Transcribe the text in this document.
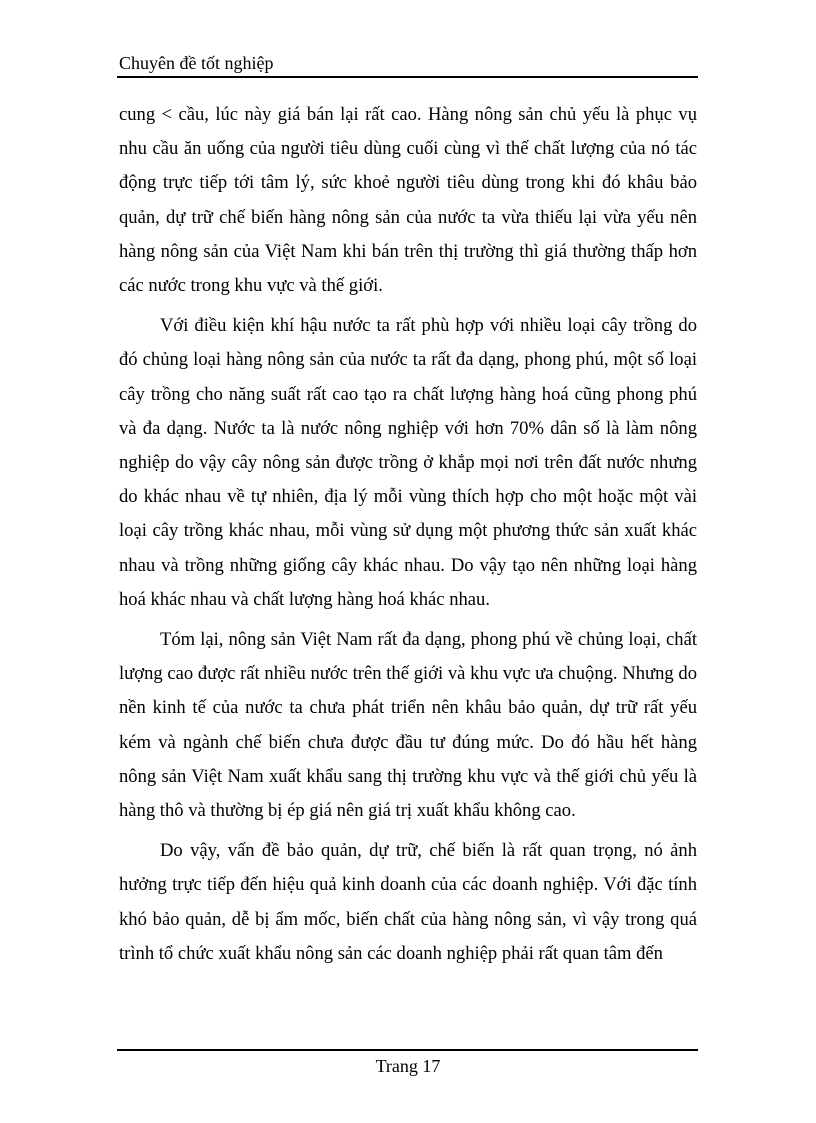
Chuyên đề tốt nghiệp

cung < cầu, lúc này giá bán lại rất cao. Hàng nông sản chủ yếu là phục vụ nhu cầu ăn uống của người tiêu dùng cuối cùng vì thế chất lượng của nó tác động trực tiếp tới tâm lý, sức khoẻ người tiêu dùng trong khi đó khâu bảo quản, dự trữ chế biến hàng nông sản của nước ta vừa thiếu lại vừa yếu nên hàng nông sản của Việt Nam khi bán trên thị trường thì giá thường thấp hơn các nước trong khu vực và thế giới.

Với điều kiện khí hậu nước ta rất phù hợp với nhiều loại cây trồng do đó chủng loại hàng nông sản của nước ta rất đa dạng, phong phú, một số loại cây trồng cho năng suất rất cao tạo ra chất lượng hàng hoá cũng phong phú và đa dạng. Nước ta là nước nông nghiệp với hơn 70% dân số là làm nông nghiệp do vậy cây nông sản được trồng ở khắp mọi nơi trên đất nước nhưng do khác nhau về tự nhiên, địa lý mỗi vùng thích hợp cho một hoặc một vài loại cây trồng khác nhau, mỗi vùng sử dụng một phương thức sản xuất khác nhau và trồng những giống cây khác nhau. Do vậy tạo nên những loại hàng hoá khác nhau và chất lượng hàng hoá khác nhau.

Tóm lại, nông sản Việt Nam rất đa dạng, phong phú về chủng loại, chất lượng cao được rất nhiều nước trên thế giới và khu vực ưa chuộng. Nhưng do nền kinh tế của nước ta chưa phát triển nên khâu bảo quản, dự trữ rất yếu kém và ngành chế biến chưa được đầu tư đúng mức. Do đó hầu hết hàng nông sản Việt Nam xuất khẩu sang thị trường khu vực và thế giới chủ yếu là hàng thô và thường bị ép giá nên giá trị xuất khẩu không cao.

Do vậy, vấn đề bảo quản, dự trữ, chế biến là rất quan trọng, nó ảnh hưởng trực tiếp đến hiệu quả kinh doanh của các doanh nghiệp. Với đặc tính khó bảo quản, dễ bị ẩm mốc, biến chất của hàng nông sản, vì vậy trong quá trình tổ chức xuất khẩu nông sản các doanh nghiệp phải rất quan tâm đến

Trang 17
